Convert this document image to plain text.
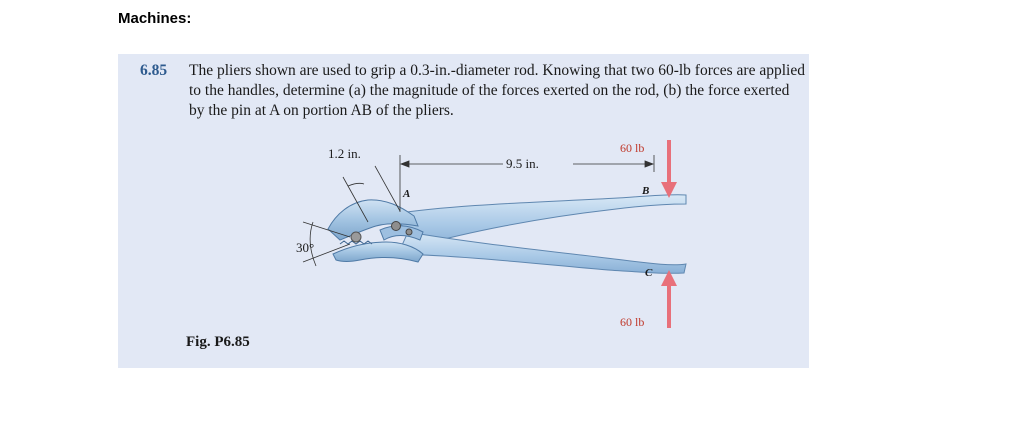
Machines:
6.85 The pliers shown are used to grip a 0.3-in.-diameter rod. Knowing that two 60-lb forces are applied to the handles, determine (a) the magnitude of the forces exerted on the rod, (b) the force exerted by the pin at A on portion AB of the pliers.
1.2 in.
9.5 in.
60 lb
60 lb
A	B
C
30°
Fig. P6.85
